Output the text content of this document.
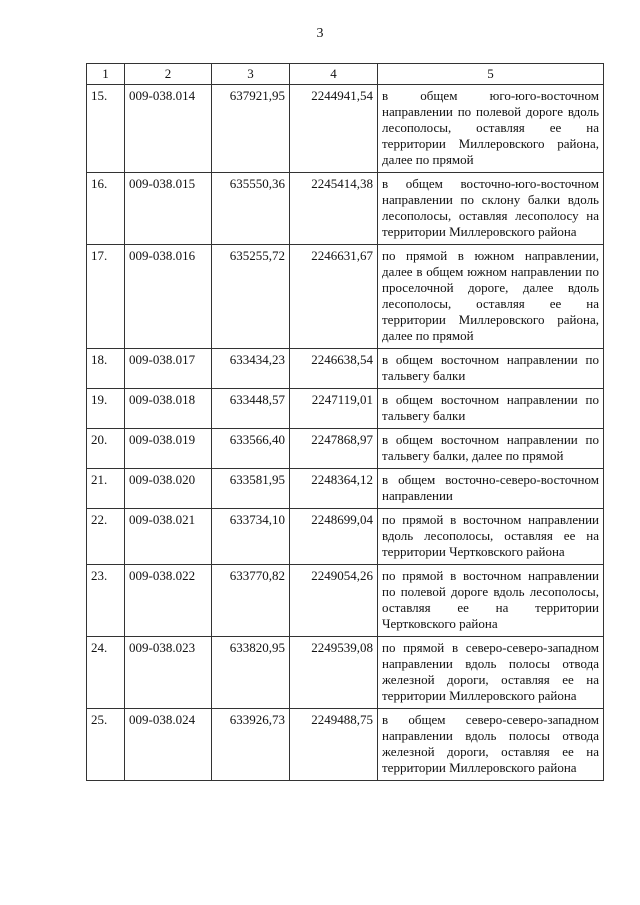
3
1	2	3	4	5
15.	009-038.014	637921,95	2244941,54	в общем юго-юго-восточном направлении по полевой дороге вдоль лесополосы, оставляя ее на территории Миллеровского района, далее по прямой
16.	009-038.015	635550,36	2245414,38	в общем восточно-юго-восточном направлении по склону балки вдоль лесополосы, оставляя лесополосу на территории Миллеровского района
17.	009-038.016	635255,72	2246631,67	по прямой в южном направлении, далее в общем южном направлении по проселочной дороге, далее вдоль лесополосы, оставляя ее на территории Миллеровского района, далее по прямой
18.	009-038.017	633434,23	2246638,54	в общем восточном направлении по тальвегу балки
19.	009-038.018	633448,57	2247119,01	в общем восточном направлении по тальвегу балки
20.	009-038.019	633566,40	2247868,97	в общем восточном направлении по тальвегу балки, далее по прямой
21.	009-038.020	633581,95	2248364,12	в общем восточно-северо-восточном направлении
22.	009-038.021	633734,10	2248699,04	по прямой в восточном направлении вдоль лесополосы, оставляя ее на территории Чертковского района
23.	009-038.022	633770,82	2249054,26	по прямой в восточном направлении по полевой дороге вдоль лесополосы, оставляя ее на территории Чертковского района
24.	009-038.023	633820,95	2249539,08	по прямой в северо-северо-западном направлении вдоль полосы отвода железной дороги, оставляя ее на территории Миллеровского района
25.	009-038.024	633926,73	2249488,75	в общем северо-северо-западном направлении вдоль полосы отвода железной дороги, оставляя ее на территории Миллеровского района
